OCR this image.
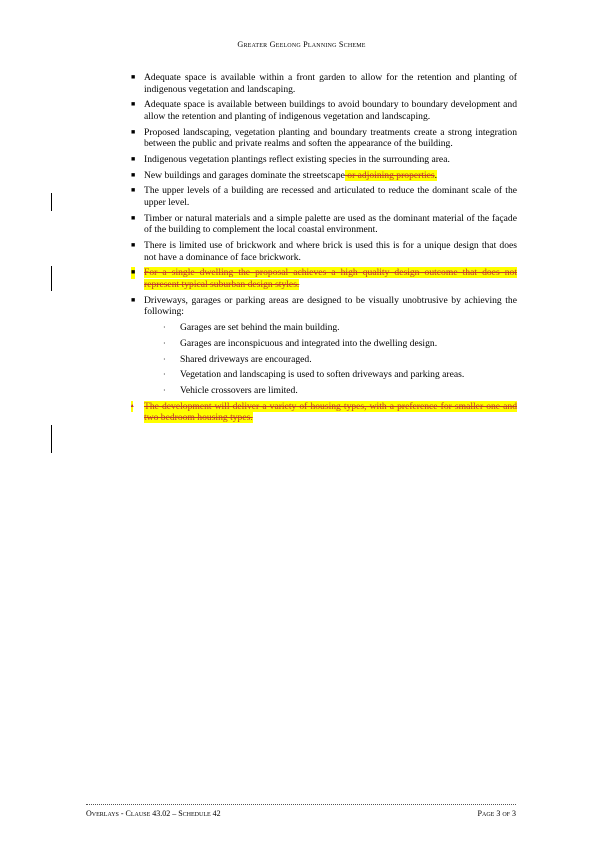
Greater Geelong Planning Scheme
■ Adequate space is available within a front garden to allow for the retention and planting of indigenous vegetation and landscaping.
■ Adequate space is available between buildings to avoid boundary to boundary development and allow the retention and planting of indigenous vegetation and landscaping.
■ Proposed landscaping, vegetation planting and boundary treatments create a strong integration between the public and private realms and soften the appearance of the building.
■ Indigenous vegetation plantings reflect existing species in the surrounding area.
■ New buildings and garages dominate the streetscape or adjoining properties.
■ The upper levels of a building are recessed and articulated to reduce the dominant scale of the upper level.
■ Timber or natural materials and a simple palette are used as the dominant material of the façade of the building to complement the local coastal environment.
■ There is limited use of brickwork and where brick is used this is for a unique design that does not have a dominance of face brickwork.
■ For a single dwelling the proposal achieves a high quality design outcome that does not represent typical suburban design styles.
■ Driveways, garages or parking areas are designed to be visually unobtrusive by achieving the following:
· Garages are set behind the main building.
· Garages are inconspicuous and integrated into the dwelling design.
· Shared driveways are encouraged.
· Vegetation and landscaping is used to soften driveways and parking areas.
· Vehicle crossovers are limited.
• The development will deliver a variety of housing types, with a preference for smaller one and two bedroom housing types.
Overlays - Clause 43.02 – Schedule 42	Page 3 of 3
